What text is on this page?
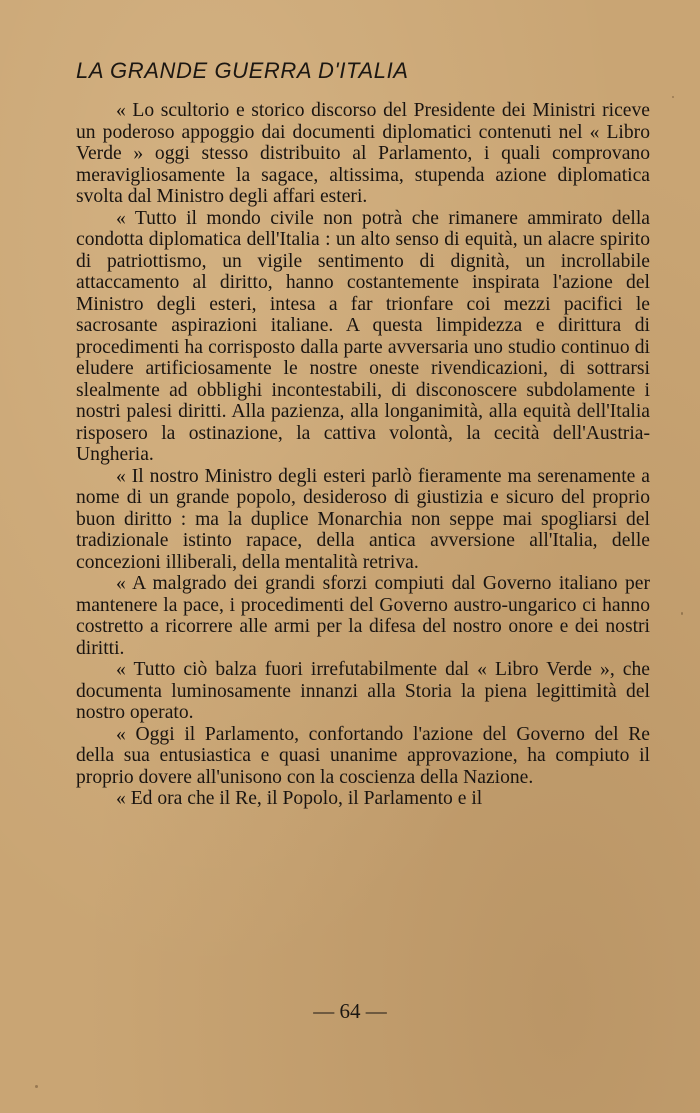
LA GRANDE GUERRA D'ITALIA

« Lo scultorio e storico discorso del Presidente dei Ministri riceve un poderoso appoggio dai documenti diplomatici contenuti nel « Libro Verde » oggi stesso distribuito al Parlamento, i quali comprovano meravigliosamente la sagace, altissima, stupenda azione diplomatica svolta dal Ministro degli affari esteri.

« Tutto il mondo civile non potrà che rimanere ammirato della condotta diplomatica dell'Italia : un alto senso di equità, un alacre spirito di patriottismo, un vigile sentimento di dignità, un incrollabile attaccamento al diritto, hanno costantemente inspirata l'azione del Ministro degli esteri, intesa a far trionfare coi mezzi pacifici le sacrosante aspirazioni italiane. A questa limpidezza e dirittura di procedimenti ha corrisposto dalla parte avversaria uno studio continuo di eludere artificiosamente le nostre oneste rivendicazioni, di sottrarsi slealmente ad obblighi incontestabili, di disconoscere subdolamente i nostri palesi diritti. Alla pazienza, alla longanimità, alla equità dell'Italia risposero la ostinazione, la cattiva volontà, la cecità dell'Austria-Ungheria.

« Il nostro Ministro degli esteri parlò fieramente ma serenamente a nome di un grande popolo, desideroso di giustizia e sicuro del proprio buon diritto : ma la duplice Monarchia non seppe mai spogliarsi del tradizionale istinto rapace, della antica avversione all'Italia, delle concezioni illiberali, della mentalità retriva.

« A malgrado dei grandi sforzi compiuti dal Governo italiano per mantenere la pace, i procedimenti del Governo austro-ungarico ci hanno costretto a ricorrere alle armi per la difesa del nostro onore e dei nostri diritti.

« Tutto ciò balza fuori irrefutabilmente dal « Libro Verde », che documenta luminosamente innanzi alla Storia la piena legittimità del nostro operato.

« Oggi il Parlamento, confortando l'azione del Governo del Re della sua entusiastica e quasi unanime approvazione, ha compiuto il proprio dovere all'unisono con la coscienza della Nazione.

« Ed ora che il Re, il Popolo, il Parlamento e il

— 64 —
